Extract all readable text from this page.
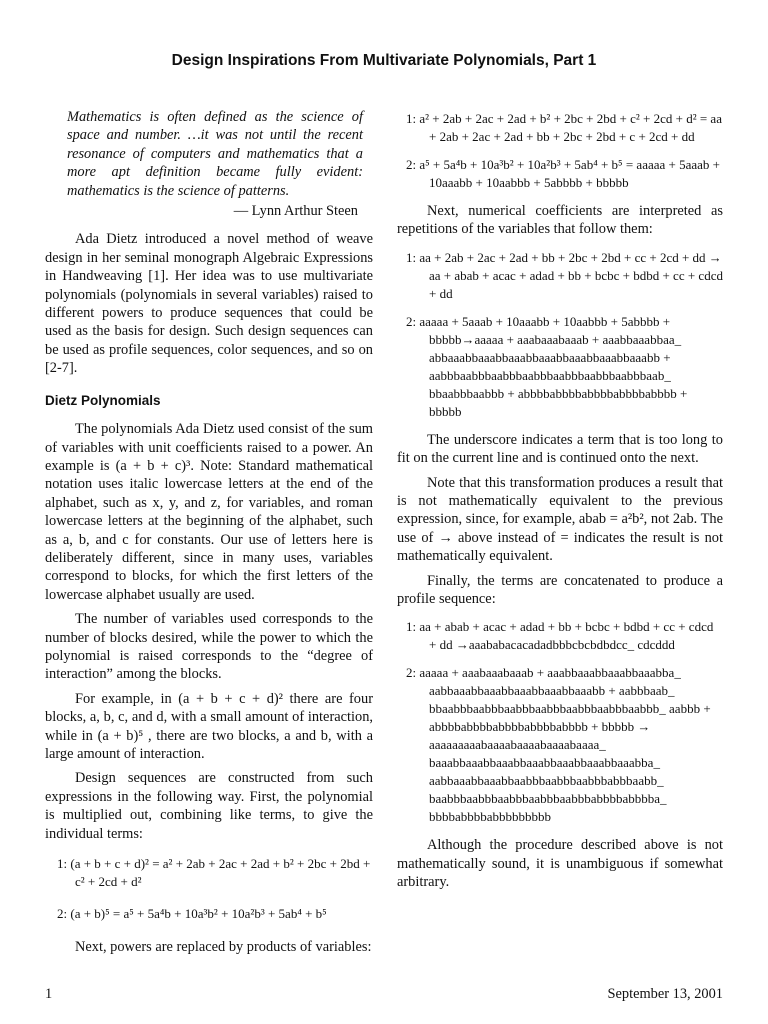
Design Inspirations From Multivariate Polynomials, Part 1

Mathematics is often defined as the science of space and number. …it was not until the recent resonance of computers and mathematics that a more apt definition became fully evident: mathematics is the science of patterns.

— Lynn Arthur Steen

Ada Dietz introduced a novel method of weave design in her seminal monograph Algebraic Expressions in Handweaving [1]. Her idea was to use multivariate polynomials (polynomials in several variables) raised to different powers to produce sequences that could be used as the basis for design. Such design sequences can be used as profile sequences, color sequences, and so on [2-7].

Dietz Polynomials

The polynomials Ada Dietz used consist of the sum of variables with unit coefficients raised to a power. An example is (a + b + c)³. Note: Standard mathematical notation uses italic lowercase letters at the end of the alphabet, such as x, y, and z, for variables, and roman lowercase letters at the beginning of the alphabet, such as a, b, and c for constants. Our use of letters here is deliberately different, since in many uses, variables correspond to blocks, for which the first letters of the lowercase alphabet usually are used.

The number of variables used corresponds to the number of blocks desired, while the power to which the polynomial is raised corresponds to the “degree of interaction” among the blocks.

For example, in (a + b + c + d)² there are four blocks, a, b, c, and d, with a small amount of interaction, while in (a + b)⁵ , there are two blocks, a and b, with a large amount of interaction.

Design sequences are constructed from such expressions in the following way. First, the polynomial is multiplied out, combining like terms, to give the individual terms:

1: (a + b + c + d)² = a² + 2ab + 2ac + 2ad + b² + 2bc + 2bd + c² + 2cd + d²

2: (a + b)⁵ = a⁵ + 5a⁴b + 10a³b² + 10a²b³ + 5ab⁴ + b⁵

Next, powers are replaced by products of variables:

1: a² + 2ab + 2ac + 2ad + b² + 2bc + 2bd + c² + 2cd + d² = aa + 2ab + 2ac + 2ad + bb + 2bc + 2bd + c + 2cd + dd

2: a⁵ + 5a⁴b + 10a³b² + 10a²b³ + 5ab⁴ + b⁵ = aaaaa + 5aaab + 10aaabb + 10aabbb + 5abbbb + bbbbb

Next, numerical coefficients are interpreted as repetitions of the variables that follow them:

1: aa + 2ab + 2ac + 2ad + bb + 2bc + 2bd + cc + 2cd + dd → aa + abab + acac + adad + bb + bcbc + bdbd + cc + cdcd + dd

2: aaaaa + 5aaab + 10aaabb + 10aabbb + 5abbbb + bbbbb→aaaaa + aaabaaabaaab + aaabbaaabbaa_ abbaaabbaaabbaaabbaaabbaaabbaaabbaaabb + aabbbaabbbaabbbaabbbaabbbaabbbaabbbaab_ bbaabbbaabbb + abbbbabbbbabbbbabbbbabbbb + bbbbb

The underscore indicates a term that is too long to fit on the current line and is continued onto the next.

Note that this transformation produces a result that is not mathematically equivalent to the previous expression, since, for example, abab = a²b², not 2ab. The use of → above instead of = indicates the result is not mathematically equivalent.

Finally, the terms are concatenated to produce a profile sequence:

1: aa + abab + acac + adad + bb + bcbc + bdbd + cc + cdcd + dd →aaababacacadadbbbcbcbdbdcc_ cdcddd

2: aaaaa + aaabaaabaaab + aaabbaaabbaaabbaaabba_ aabbaaabbaaabbaaabbaaabbaaabb + aabbbaab_ bbaabbbaabbbaabbbaabbbaabbbaabbbaabbb_ aabbb + abbbbabbbbabbbbabbbbabbbb + bbbbb → aaaaaaaaabaaaabaaaabaaaabaaaa_ baaabbaaabbaaabbaaabbaaabbaaabbaaabba_ aabbaaabbaaabbaabbbaabbbaabbbabbbaabb_ baabbbaabbbaabbbaabbbaabbbabbbbabbbba_ bbbbabbbbabbbbbbbbb

Although the procedure described above is not mathematically sound, it is unambiguous if somewhat arbitrary.

1	September 13, 2001
